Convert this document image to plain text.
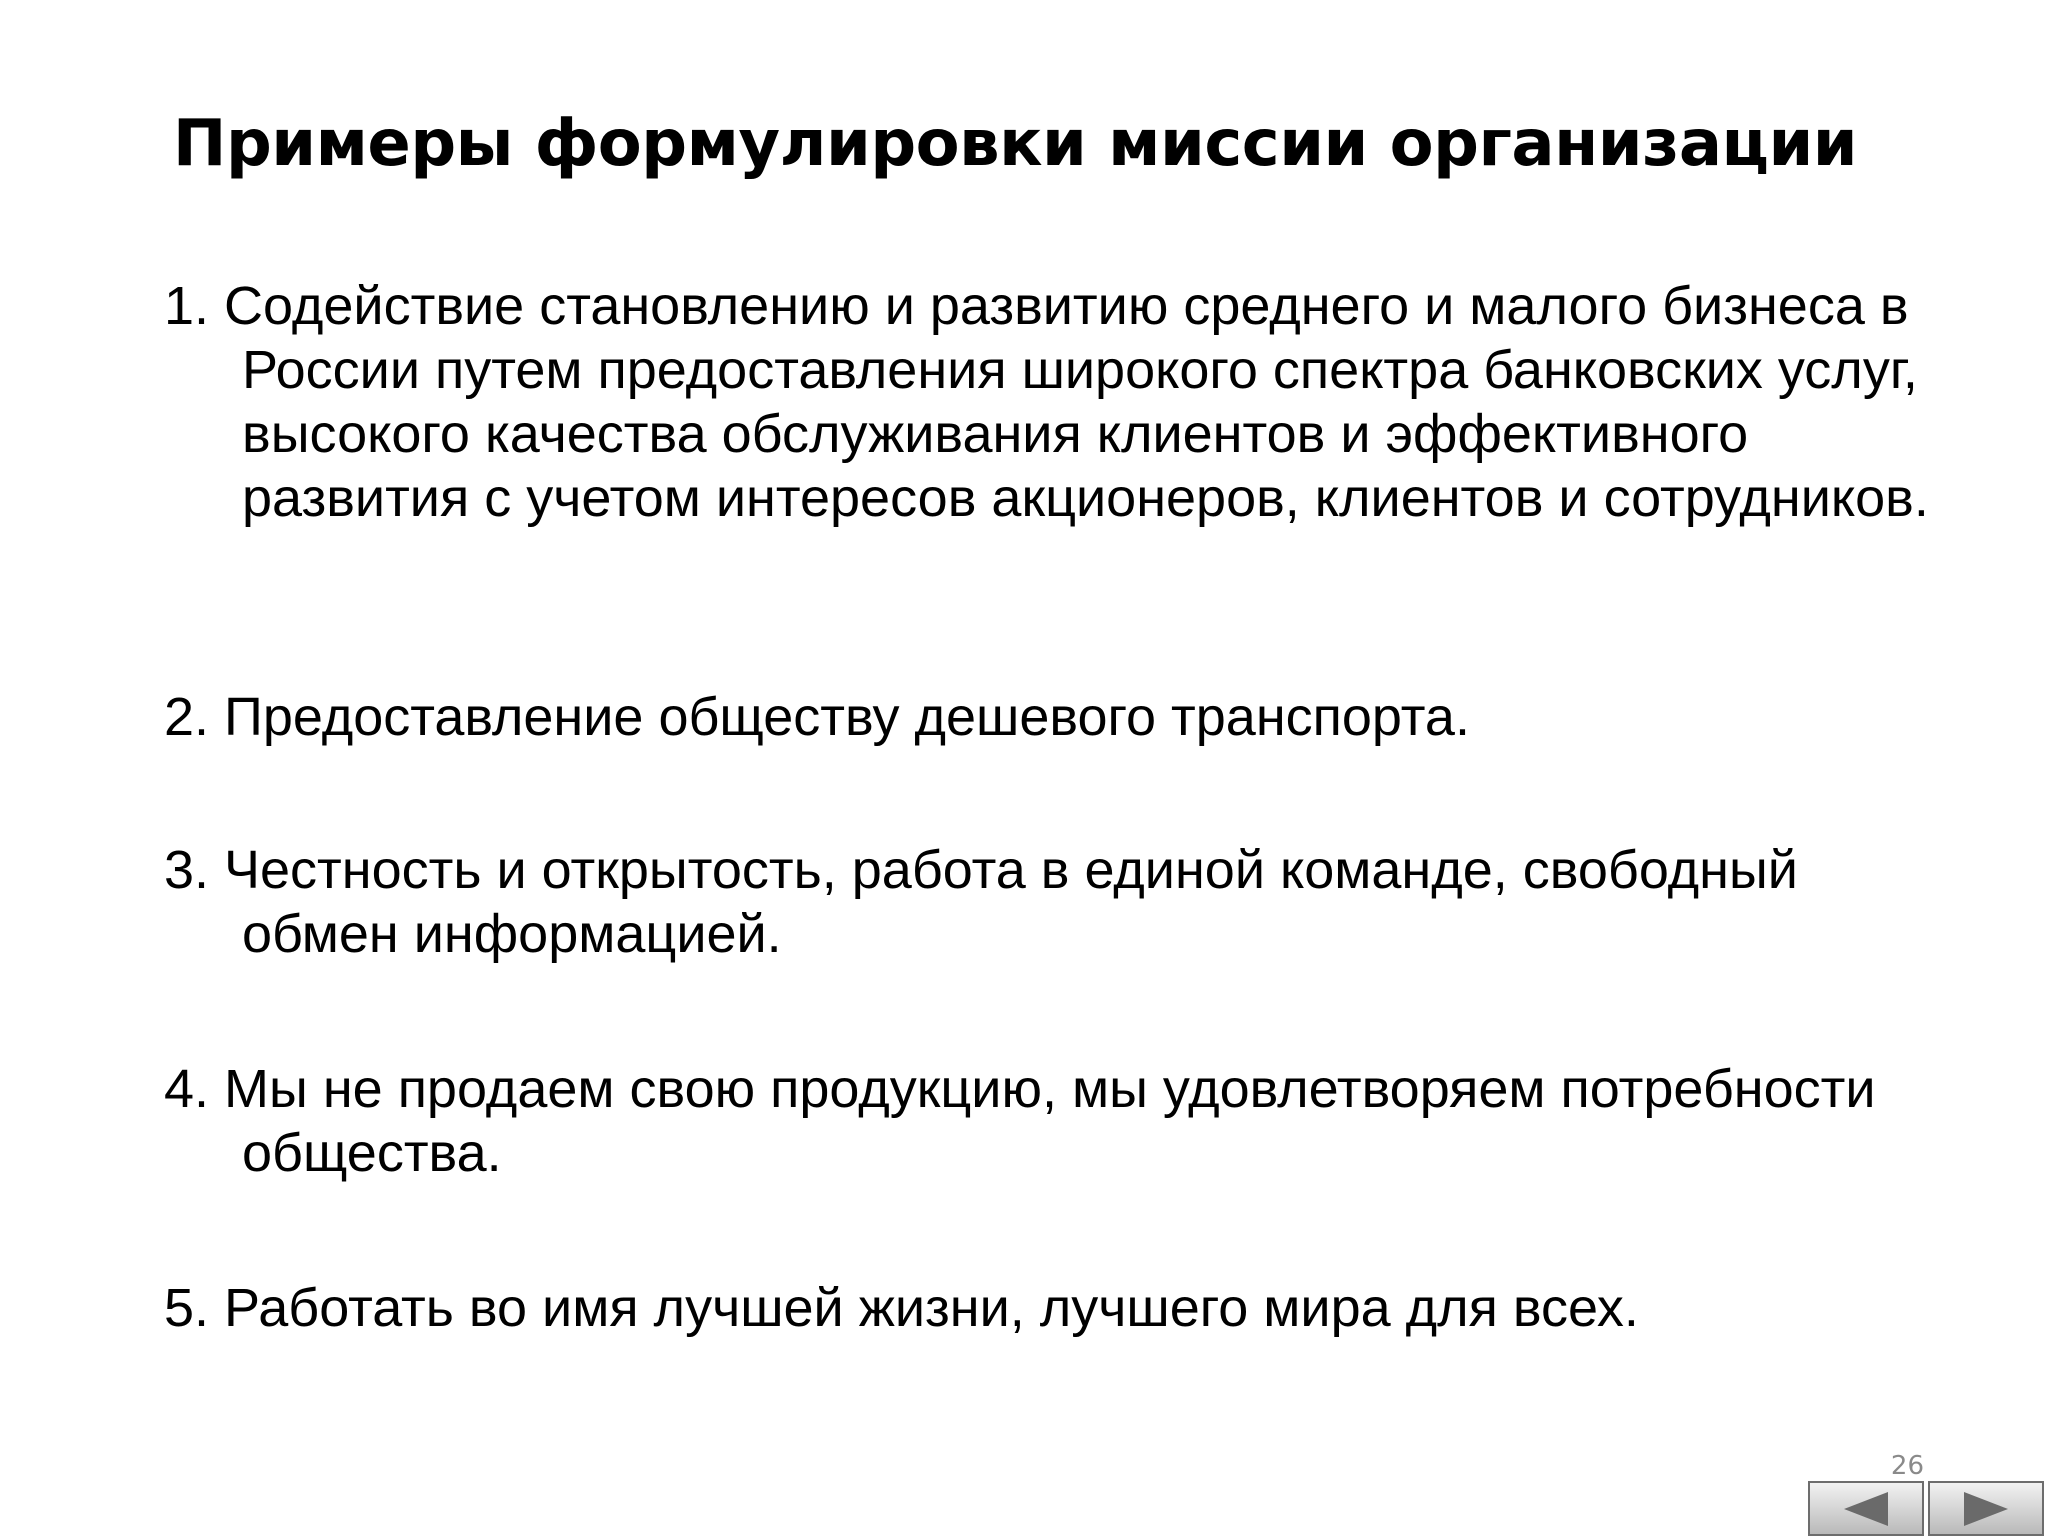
Примеры формулировки миссии организации
1. Содействие становлению и развитию среднего и малого бизнеса в России путем предоставления широкого спектра банковских услуг, высокого качества обслуживания клиентов и эффективного развития с учетом интересов акционеров, клиентов и сотрудников.
2. Предоставление обществу дешевого транспорта.
3. Честность и открытость, работа в единой команде, свободный обмен информацией.
4. Мы не продаем свою продукцию, мы удовлетворяем потребности общества.
5. Работать во имя лучшей жизни, лучшего мира для всех.
26
